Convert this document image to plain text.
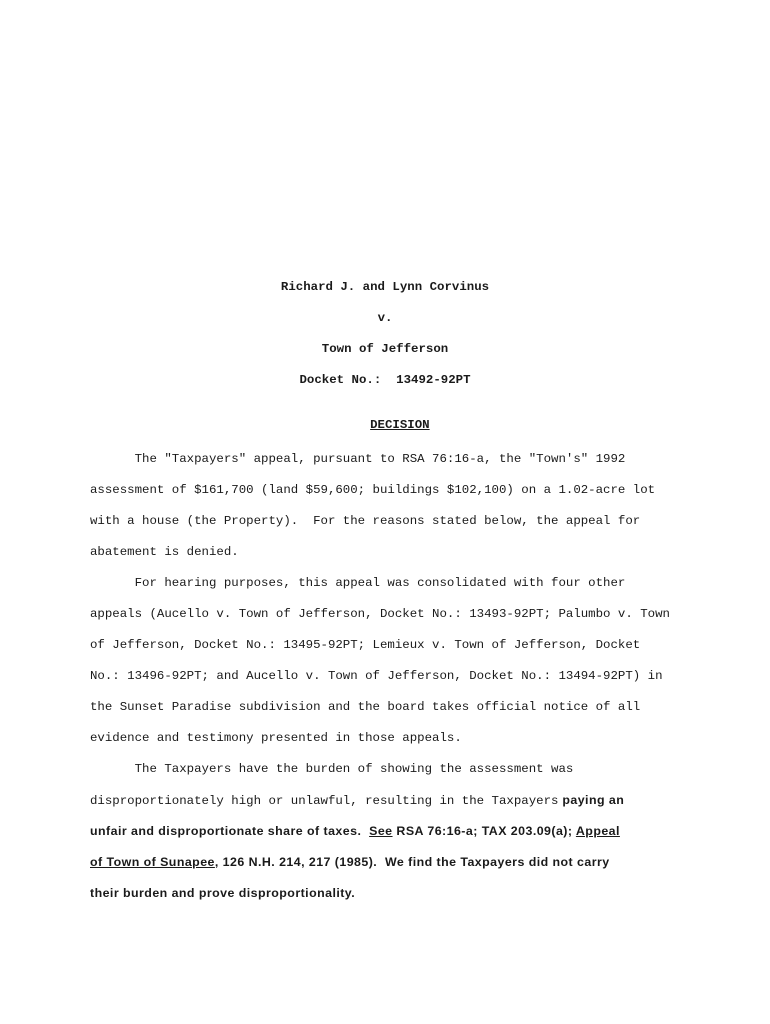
Richard J. and Lynn Corvinus
v.
Town of Jefferson
Docket No.:  13492-92PT

DECISION

The "Taxpayers" appeal, pursuant to RSA 76:16-a, the "Town's" 1992
assessment of $161,700 (land $59,600; buildings $102,100) on a 1.02-acre lot
with a house (the Property).  For the reasons stated below, the appeal for
abatement is denied.
For hearing purposes, this appeal was consolidated with four other
appeals (Aucello v. Town of Jefferson, Docket No.: 13493-92PT; Palumbo v. Town
of Jefferson, Docket No.: 13495-92PT; Lemieux v. Town of Jefferson, Docket
No.: 13496-92PT; and Aucello v. Town of Jefferson, Docket No.: 13494-92PT) in
the Sunset Paradise subdivision and the board takes official notice of all
evidence and testimony presented in those appeals.
The Taxpayers have the burden of showing the assessment was
disproportionately high or unlawful, resulting in the Taxpayers paying an
unfair and disproportionate share of taxes.  See RSA 76:16-a; TAX 203.09(a); Appeal
of Town of Sunapee, 126 N.H. 214, 217 (1985).  We find the Taxpayers did not carry
their burden and prove disproportionality.
